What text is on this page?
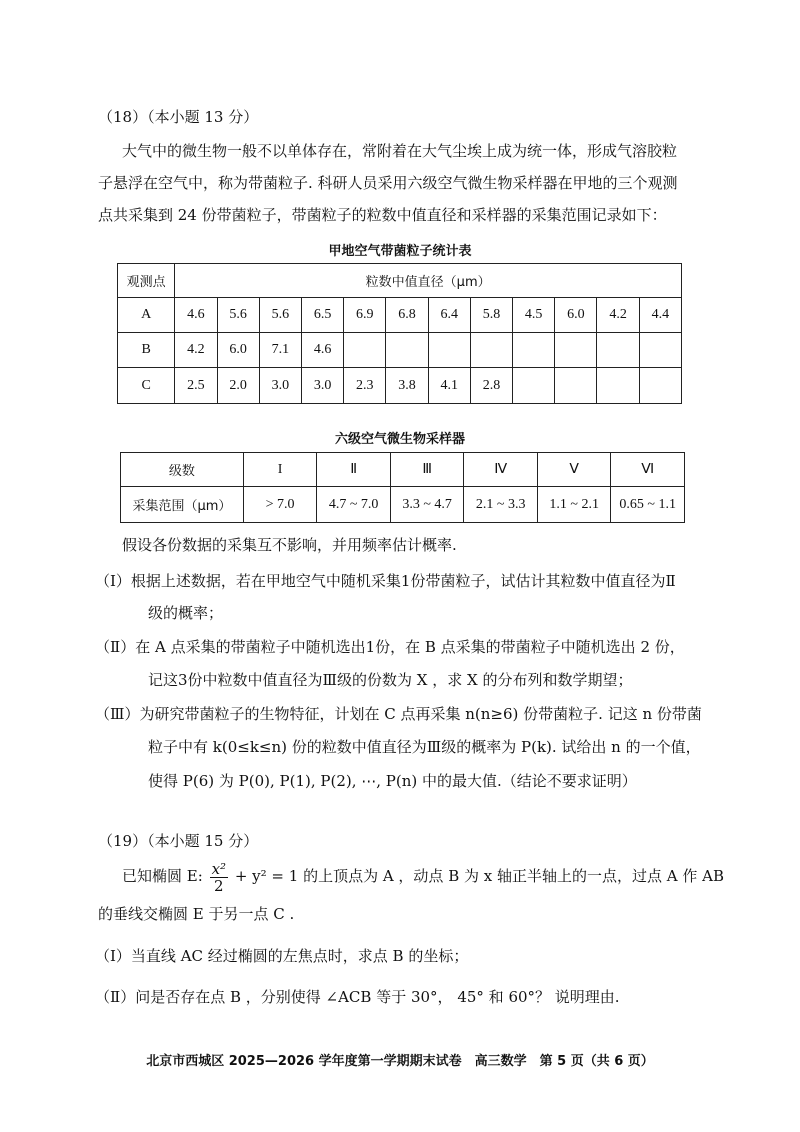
（18）（本小题 13 分）
大气中的微生物一般不以单体存在，常附着在大气尘埃上成为统一体，形成气溶胶粒
子悬浮在空气中，称为带菌粒子. 科研人员采用六级空气微生物采样器在甲地的三个观测
点共采集到 24 份带菌粒子，带菌粒子的粒数中值直径和采样器的采集范围记录如下：
甲地空气带菌粒子统计表
观测点	粒数中值直径（μm）											
A	4.6	5.6	5.6	6.5	6.9	6.8	6.4	5.8	4.5	6.0	4.2	4.4
B	4.2	6.0	7.1	4.6								
C	2.5	2.0	3.0	3.0	2.3	3.8	4.1	2.8				
六级空气微生物采样器
级数	I	Ⅱ	Ⅲ	Ⅳ	Ⅴ	Ⅵ
采集范围（μm）	> 7.0	4.7 ~ 7.0	3.3 ~ 4.7	2.1 ~ 3.3	1.1 ~ 2.1	0.65 ~ 1.1
假设各份数据的采集互不影响，并用频率估计概率.
（Ⅰ）根据上述数据，若在甲地空气中随机采集1份带菌粒子，试估计其粒数中值直径为Ⅱ
级的概率；
（Ⅱ）在 A 点采集的带菌粒子中随机选出1份，在 B 点采集的带菌粒子中随机选出 2 份，
记这3份中粒数中值直径为Ⅲ级的份数为 X ，求 X 的分布列和数学期望；
（Ⅲ）为研究带菌粒子的生物特征，计划在 C 点再采集 n(n≥6) 份带菌粒子. 记这 n 份带菌
粒子中有 k(0≤k≤n) 份的粒数中值直径为Ⅲ级的概率为 P(k). 试给出 n 的一个值，
使得 P(6) 为 P(0), P(1), P(2), ⋯, P(n) 中的最大值.（结论不要求证明）
（19）（本小题 15 分）
已知椭圆 E: $\frac{\text{x²}}{2} + y^2 = 1$ 的上顶点为 A ，动点 B 为 x 轴正半轴上的一点，过点 A 作 AB
的垂线交椭圆 E 于另一点 C .
（Ⅰ）当直线 AC 经过椭圆的左焦点时，求点 B 的坐标；
（Ⅱ）问是否存在点 B ，分别使得 ∠ACB 等于 30°， 45° 和 60°？ 说明理由.
北京市西城区 2025—2026 学年度第一学期期末试卷　高三数学　第 5 页（共 6 页）
